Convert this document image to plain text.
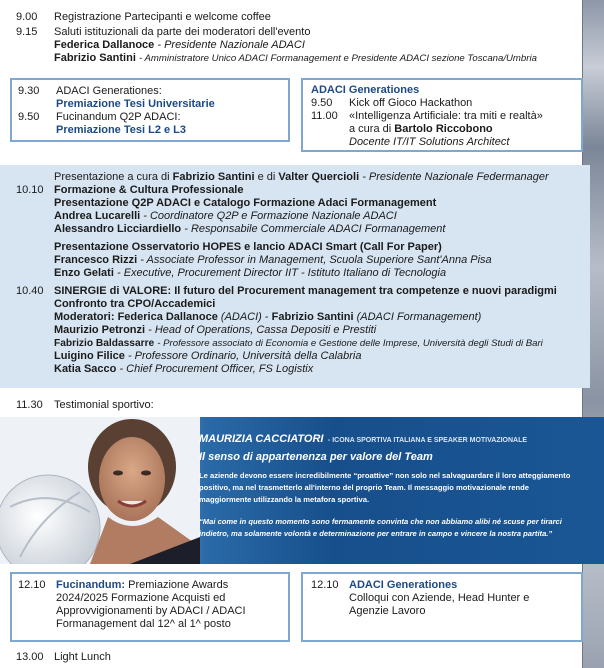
9.00	Registrazione Partecipanti e welcome coffee
9.15	Saluti istituzionali da parte dei moderatori dell'evento
Federica Dallanoce
- Presidente Nazionale ADACI
Fabrizio Santini
- Amministratore Unico ADACI Formanagement e Presidente ADACI sezione Toscana/Umbria
9.30	ADACI Generationes:
Premiazione Tesi Universitarie
9.50	Fucinandum Q2P ADACI:
Premiazione Tesi L2 e L3
ADACI Generationes
9.50	Kick off Gioco Hackathon
11.00	«Intelligenza Artificiale: tra miti e realtà»
a cura di
Bartolo Riccobono
Docente IT/IT Solutions Architect
Presentazione a cura di
Fabrizio Santini
e di
Valter Quercioli
- Presidente Nazionale Federmanager
10.10 Formazione & Cultura Professionale
Presentazione Q2P ADACI e Catalogo Formazione Adaci Formanagement
Andrea Lucarelli
- Coordinatore Q2P e Formazione Nazionale ADACI
Alessandro Licciardiello
- Responsabile Commerciale ADACI Formanagement
Presentazione Osservatorio HOPES e lancio ADACI Smart (Call For Paper)
Francesco Rizzi
- Associate Professor in Management, Scuola Superiore Sant'Anna Pisa
Enzo Gelati
- Executive, Procurement Director IIT - Istituto Italiano di Tecnologia
10.40 SINERGIE di VALORE: Il futuro del Procurement management tra competenze e nuovi paradigmi
Confronto tra CPO/Accademici
Moderatori:
Federica Dallanoce
(ADACI) - Fabrizio Santini
(ADACI Formanagement)
Maurizio Petronzi
- Head of Operations, Cassa Depositi e Prestiti
Fabrizio Baldassarre
- Professore associato di Economia e Gestione delle Imprese, Università degli Studi di Bari
Luigino Filice
- Professore Ordinario, Università della Calabria
Katia Sacco
- Chief Procurement Officer, FS Logistix
11.30	Testimonial sportivo:
MAURIZIA CACCIATORI - ICONA SPORTIVA ITALIANA E SPEAKER MOTIVAZIONALE
Il senso di appartenenza per valore del Team
Le aziende devono essere incredibilmente “proattive” non solo nel salvaguardare il loro atteggiamento
positivo, ma nel trasmetterlo all'interno del proprio Team. Il messaggio motivazionale rende
maggiormente utilizzando la metafora sportiva.
“Mai come in questo momento sono fermamente convinta che non abbiamo alibi né scuse per tirarci
indietro, ma solamente volontà e determinazione per entrare in campo e vincere la nostra partita.”
12.10 Fucinandum:
Premiazione Awards
2024/2025 Formazione Acquisti ed
Approvvigionamenti by ADACI / ADACI
Formanagement dal 12^ al 1^ posto
12.10 ADACI Generationes
Colloqui con Aziende, Head Hunter e
Agenzie Lavoro
13.00 Light Lunch
